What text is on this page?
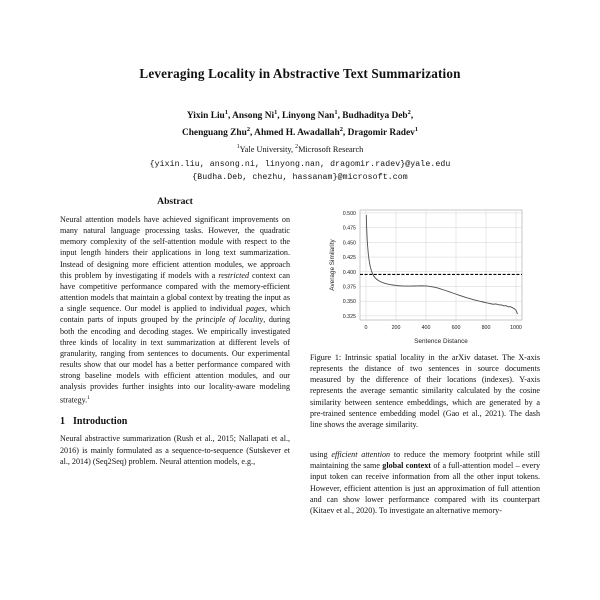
Leveraging Locality in Abstractive Text Summarization
Yixin Liu$^1$, Ansong Ni$^1$, Linyong Nan$^1$, Budhaditya Deb$^2$,
Chenguang Zhu$^2$, Ahmed H. Awadallah$^2$, Dragomir Radev$^1$
$^1$Yale University, $^2$Microsoft Research
{yixin.liu, ansong.ni, linyong.nan, dragomir.radev}@yale.edu
{Budha.Deb, chezhu, hassanam}@microsoft.com
Abstract

Neural attention models have achieved significant improvements on many natural language processing tasks. However, the quadratic memory complexity of the self-attention module with respect to the input length hinders their applications in long text summarization. Instead of designing more efficient attention modules, we approach this problem by investigating if models with a restricted context can have competitive performance compared with the memory-efficient attention models that maintain a global context by treating the input as a single sequence. Our model is applied to individual pages, which contain parts of inputs grouped by the principle of locality, during both the encoding and decoding stages. We empirically investigated three kinds of locality in text summarization at different levels of granularity, ranging from sentences to documents. Our experimental results show that our model has a better performance compared with strong baseline models with efficient attention modules, and our analysis provides further insights into our locality-aware modeling strategy.$^1$

1 Introduction

Neural abstractive summarization (Rush et al., 2015; Nallapati et al., 2016) is mainly formulated as a sequence-to-sequence (Sutskever et al., 2014) (Seq2Seq) problem. Neural attention models, e.g.,

0.325
0.350
0.375
0.400
0.425
0.450
0.475
0.500
0	200	400	600	800	1000
Sentence Distance
Average Similarity

Figure 1: Intrinsic spatial locality in the arXiv dataset. The X-axis represents the distance of two sentences in source documents measured by the difference of their locations (indexes). Y-axis represents the average semantic similarity calculated by the cosine similarity between sentence embeddings, which are generated by a pre-trained sentence embedding model (Gao et al., 2021). The dash line shows the average similarity.

using efficient attention to reduce the memory footprint while still maintaining the same global context of a full-attention model – every input token can receive information from all the other input tokens. However, efficient attention is just an approximation of full attention and can show lower performance compared with its counterpart (Kitaev et al., 2020). To investigate an alternative memory-
